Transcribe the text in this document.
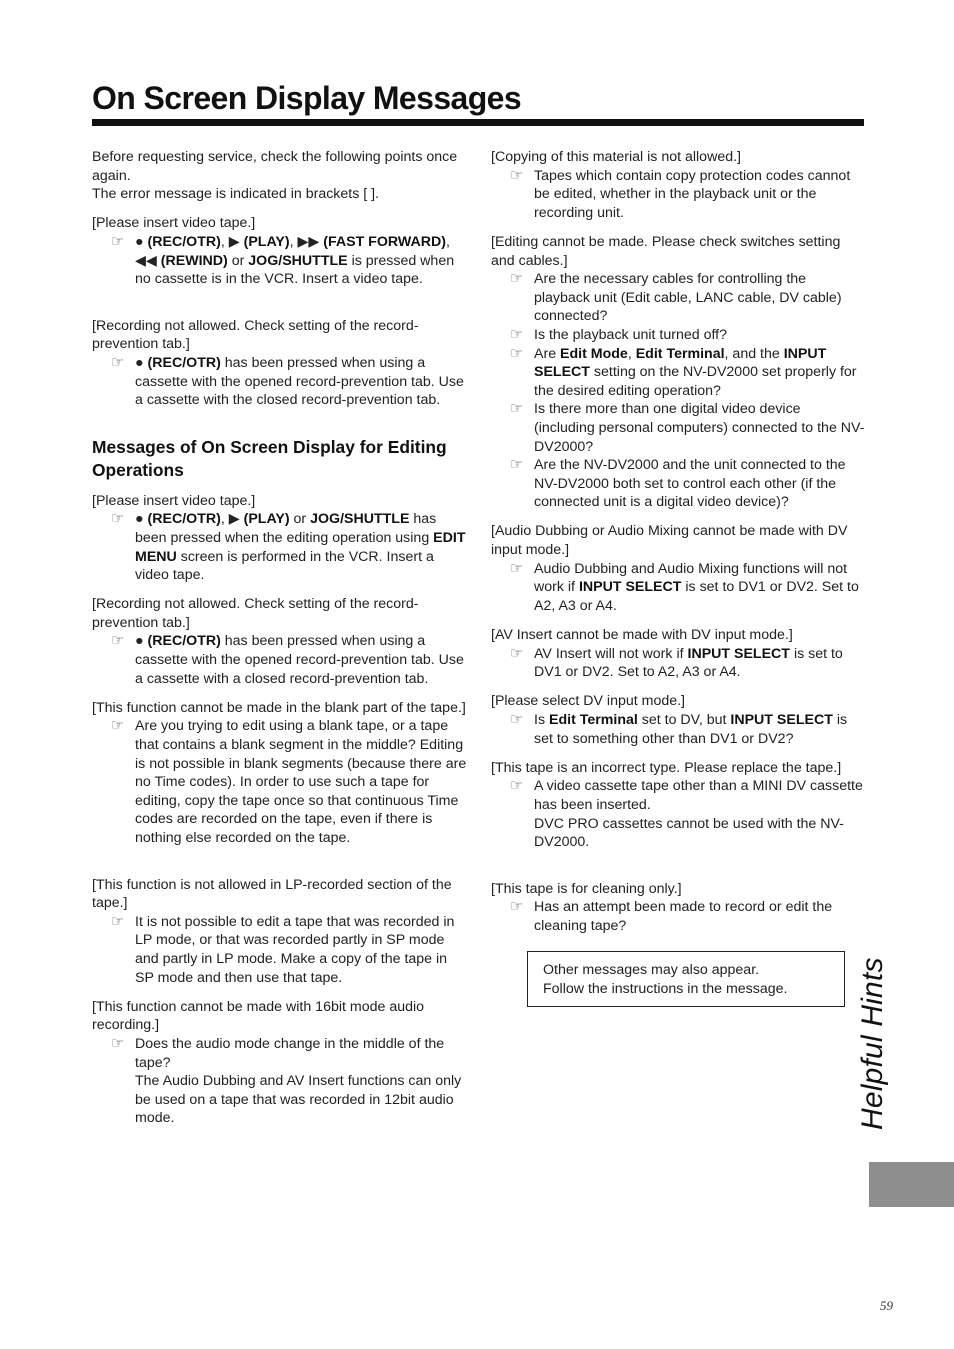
On Screen Display Messages

Before requesting service, check the following points once again.

The error message is indicated in brackets [ ].

[Please insert video tape.]

☞ ● (REC/OTR), ▶ (PLAY), ▶▶ (FAST FORWARD), ◀◀ (REWIND) or JOG/SHUTTLE is pressed when no cassette is in the VCR. Insert a video tape.

[Recording not allowed. Check setting of the record-prevention tab.]

☞ ● (REC/OTR) has been pressed when using a cassette with the opened record-prevention tab. Use a cassette with the closed record-prevention tab.
Messages of On Screen Display for Editing Operations

[Please insert video tape.]

☞ ● (REC/OTR), ▶ (PLAY) or JOG/SHUTTLE has been pressed when the editing operation using EDIT MENU screen is performed in the VCR. Insert a video tape.

[Recording not allowed. Check setting of the record-prevention tab.]

☞ ● (REC/OTR) has been pressed when using a cassette with the opened record-prevention tab. Use a cassette with a closed record-prevention tab.

[This function cannot be made in the blank part of the tape.]

☞ Are you trying to edit using a blank tape, or a tape that contains a blank segment in the middle? Editing is not possible in blank segments (because there are no Time codes). In order to use such a tape for editing, copy the tape once so that continuous Time codes are recorded on the tape, even if there is nothing else recorded on the tape.

[This function is not allowed in LP-recorded section of the tape.]

☞ It is not possible to edit a tape that was recorded in LP mode, or that was recorded partly in SP mode and partly in LP mode. Make a copy of the tape in SP mode and then use that tape.

[This function cannot be made with 16bit mode audio recording.]

☞ Does the audio mode change in the middle of the tape?

The Audio Dubbing and AV Insert functions can only be used on a tape that was recorded in 12bit audio mode.

[Copying of this material is not allowed.]

☞ Tapes which contain copy protection codes cannot be edited, whether in the playback unit or the recording unit.

[Editing cannot be made. Please check switches setting and cables.]

☞ Are the necessary cables for controlling the playback unit (Edit cable, LANC cable, DV cable) connected?
☞ Is the playback unit turned off?
☞ Are Edit Mode, Edit Terminal, and the INPUT SELECT setting on the NV-DV2000 set properly for the desired editing operation?
☞ Is there more than one digital video device (including personal computers) connected to the NV-DV2000?
☞ Are the NV-DV2000 and the unit connected to the NV-DV2000 both set to control each other (if the connected unit is a digital video device)?

[Audio Dubbing or Audio Mixing cannot be made with DV input mode.]

☞ Audio Dubbing and Audio Mixing functions will not work if INPUT SELECT is set to DV1 or DV2. Set to A2, A3 or A4.

[AV Insert cannot be made with DV input mode.]

☞ AV Insert will not work if INPUT SELECT is set to DV1 or DV2. Set to A2, A3 or A4.

[Please select DV input mode.]

☞ Is Edit Terminal set to DV, but INPUT SELECT is set to something other than DV1 or DV2?

[This tape is an incorrect type. Please replace the tape.]

☞ A video cassette tape other than a MINI DV cassette has been inserted.

DVC PRO cassettes cannot be used with the NV-DV2000.

[This tape is for cleaning only.]

☞ Has an attempt been made to record or edit the cleaning tape?

Other messages may also appear.

Follow the instructions in the message.	Helpful Hints
59
